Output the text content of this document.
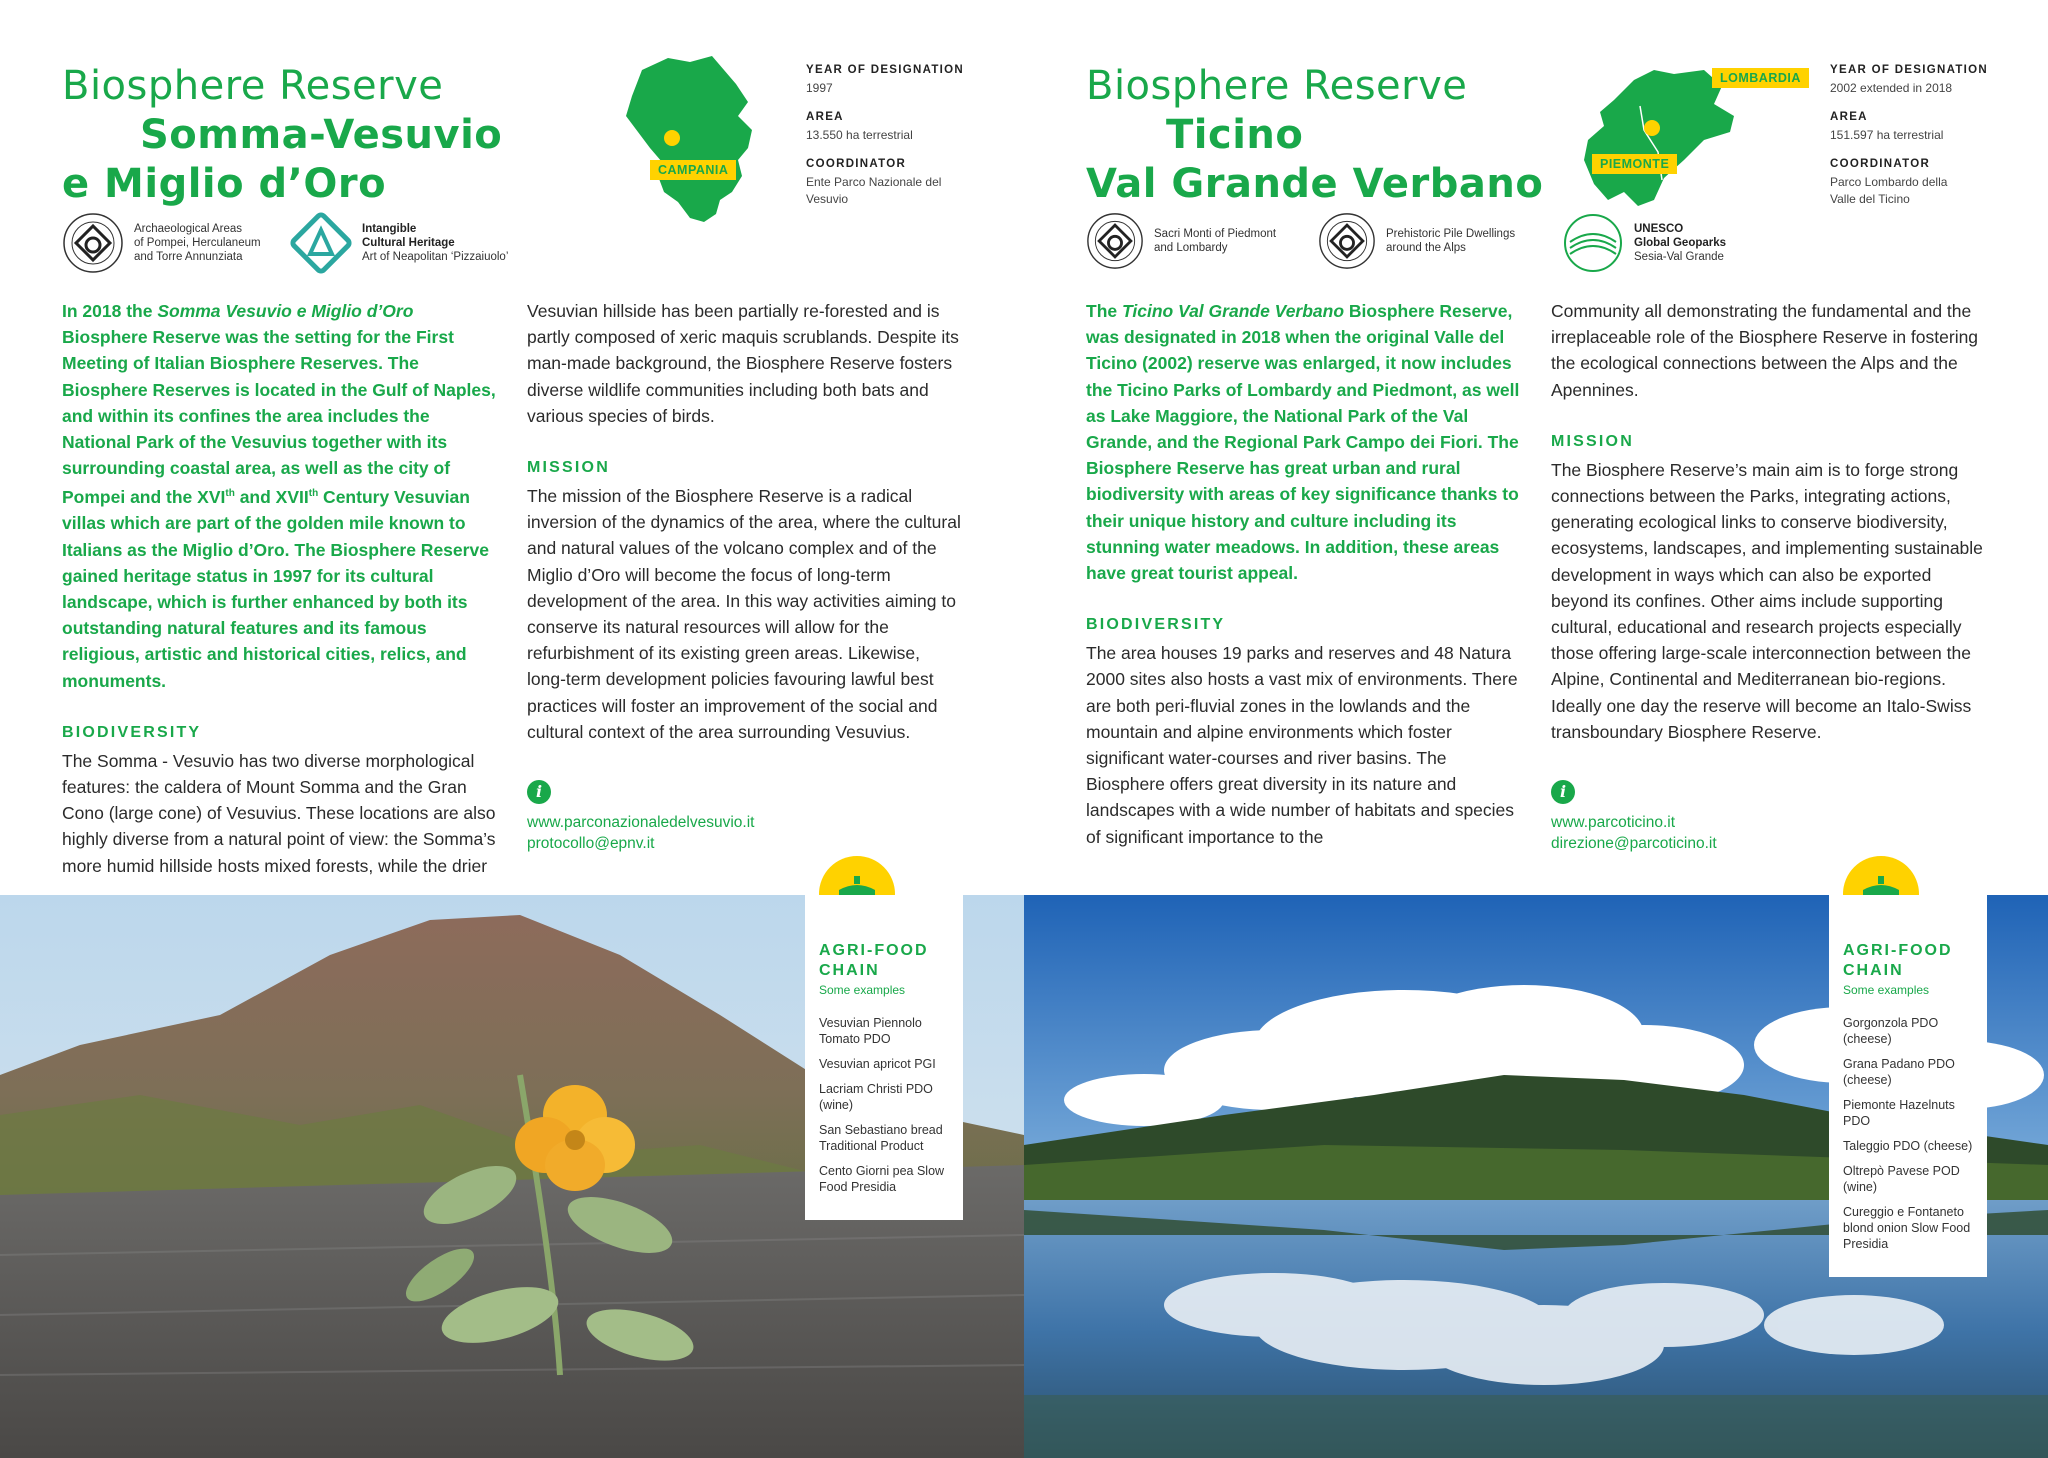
Biosphere Reserve
Somma-Vesuvio
e Miglio d’Oro
Archaeological Areas
of Pompei, Herculaneum
and Torre Annunziata
Intangible
Cultural Heritage
Art of Neapolitan ‘Pizzaiuolo’
CAMPANIA
YEAR OF DESIGNATION
1997
AREA
13.550 ha terrestrial
COORDINATOR
Ente Parco Nazionale del Vesuvio

In 2018 the Somma Vesuvio e Miglio d’Oro Biosphere Reserve was the setting for the First Meeting of Italian Biosphere Reserves. The Biosphere Reserves is located in the Gulf of Naples, and within its confines the area includes the National Park of the Vesuvius together with its surrounding coastal area, as well as the city of Pompei and the XVIth and XVIIth Century Vesuvian villas which are part of the golden mile known to Italians as the Miglio d’Oro. The Biosphere Reserve gained heritage status in 1997 for its cultural landscape, which is further enhanced by both its outstanding natural features and its famous religious, artistic and historical cities, relics, and monuments.

BIODIVERSITY

The Somma - Vesuvio has two diverse morphological features: the caldera of Mount Somma and the Gran Cono (large cone) of Vesuvius. These locations are also highly diverse from a natural point of view: the Somma’s more humid hillside hosts mixed forests, while the drier

Vesuvian hillside has been partially re-forested and is partly composed of xeric maquis scrublands. Despite its man-made background, the Biosphere Reserve fosters diverse wildlife communities including both bats and various species of birds.

MISSION

The mission of the Biosphere Reserve is a radical inversion of the dynamics of the area, where the cultural and natural values of the volcano complex and of the Miglio d’Oro will become the focus of long-term development of the area. In this way activities aiming to conserve its natural resources will allow for the refurbishment of its existing green areas. Likewise, long-term development policies favouring lawful best practices will foster an improvement of the social and cultural context of the area surrounding Vesuvius.

i
www.parconazionaledelvesuvio.it
protocollo@epnv.it
AGRI-FOOD CHAIN
Some examples
Vesuvian Piennolo Tomato PDO
Vesuvian apricot PGI
Lacriam Christi PDO (wine)
San Sebastiano bread Traditional Product
Cento Giorni pea Slow Food Presidia
Biosphere Reserve
Ticino
Val Grande Verbano
Sacri Monti of Piedmont
and Lombardy
Prehistoric Pile Dwellings
around the Alps
LOMBARDIA
PIEMONTE
UNESCO
Global Geoparks
Sesia-Val Grande
YEAR OF DESIGNATION
2002 extended in 2018
AREA
151.597 ha terrestrial
COORDINATOR
Parco Lombardo della Valle del Ticino

The Ticino Val Grande Verbano Biosphere Reserve, was designated in 2018 when the original Valle del Ticino (2002) reserve was enlarged, it now includes the Ticino Parks of Lombardy and Piedmont, as well as Lake Maggiore, the National Park of the Val Grande, and the Regional Park Campo dei Fiori. The Biosphere Reserve has great urban and rural biodiversity with areas of key significance thanks to their unique history and culture including its stunning water meadows. In addition, these areas have great tourist appeal.

BIODIVERSITY

The area houses 19 parks and reserves and 48 Natura 2000 sites also hosts a vast mix of environments. There are both peri-fluvial zones in the lowlands and the mountain and alpine environments which foster significant water-courses and river basins. The Biosphere offers great diversity in its nature and landscapes with a wide number of habitats and species of significant importance to the

Community all demonstrating the fundamental and the irreplaceable role of the Biosphere Reserve in fostering the ecological connections between the Alps and the Apennines.

MISSION

The Biosphere Reserve’s main aim is to forge strong connections between the Parks, integrating actions, generating ecological links to conserve biodiversity, ecosystems, landscapes, and implementing sustainable development in ways which can also be exported beyond its confines. Other aims include supporting cultural, educational and research projects especially those offering large-scale interconnection between the Alpine, Continental and Mediterranean bio-regions. Ideally one day the reserve will become an Italo-Swiss transboundary Biosphere Reserve.

i
www.parcoticino.it
direzione@parcoticino.it
AGRI-FOOD CHAIN
Some examples
Gorgonzola PDO (cheese)
Grana Padano PDO (cheese)
Piemonte Hazelnuts PDO
Taleggio PDO (cheese)
Oltrepò Pavese POD (wine)
Cureggio e Fontaneto blond onion Slow Food Presidia
